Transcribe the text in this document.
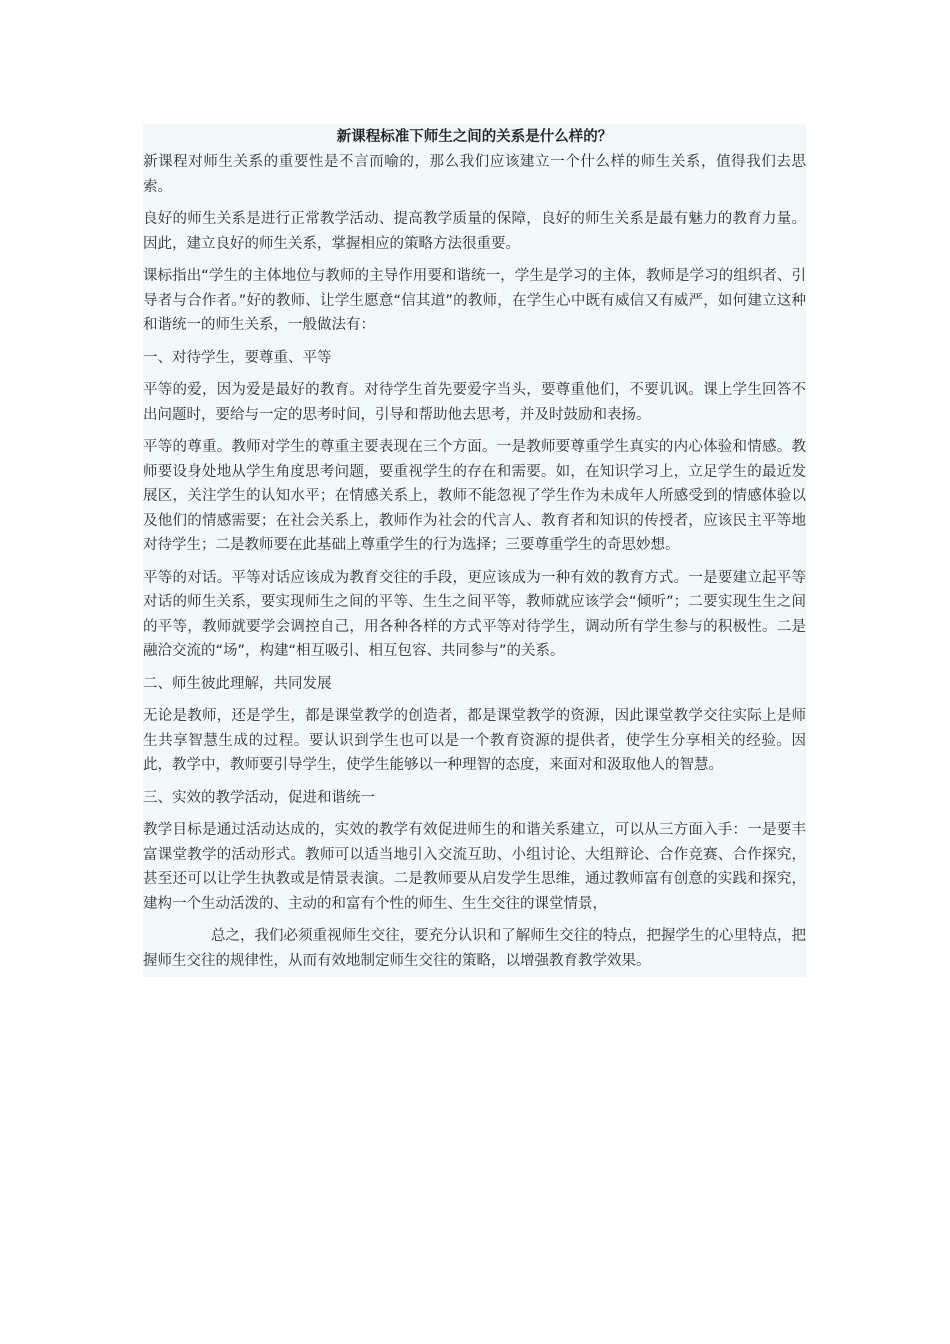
新课程标准下师生之间的关系是什么样的？

新课程对师生关系的重要性是不言而喻的，那么我们应该建立一个什么样的师生关系，值得我们去思索。

良好的师生关系是进行正常教学活动、提高教学质量的保障，良好的师生关系是最有魅力的教育力量。因此，建立良好的师生关系，掌握相应的策略方法很重要。

课标指出“学生的主体地位与教师的主导作用要和谐统一，学生是学习的主体，教师是学习的组织者、引导者与合作者。”好的教师、让学生愿意“信其道”的教师，在学生心中既有威信又有威严，如何建立这种和谐统一的师生关系，一般做法有：

一、对待学生，要尊重、平等

平等的爱，因为爱是最好的教育。对待学生首先要爱字当头，要尊重他们，不要讥讽。课上学生回答不出问题时，要给与一定的思考时间，引导和帮助他去思考，并及时鼓励和表扬。

平等的尊重。教师对学生的尊重主要表现在三个方面。一是教师要尊重学生真实的内心体验和情感。教师要设身处地从学生角度思考问题，要重视学生的存在和需要。如，在知识学习上，立足学生的最近发展区，关注学生的认知水平；在情感关系上，教师不能忽视了学生作为未成年人所感受到的情感体验以及他们的情感需要；在社会关系上，教师作为社会的代言人、教育者和知识的传授者，应该民主平等地对待学生；二是教师要在此基础上尊重学生的行为选择；三要尊重学生的奇思妙想。

平等的对话。平等对话应该成为教育交往的手段，更应该成为一种有效的教育方式。一是要建立起平等对话的师生关系，要实现师生之间的平等、生生之间平等，教师就应该学会“倾听”；二要实现生生之间的平等，教师就要学会调控自己，用各种各样的方式平等对待学生，调动所有学生参与的积极性。二是融洽交流的“场”，构建“相互吸引、相互包容、共同参与”的关系。

二、师生彼此理解，共同发展

无论是教师，还是学生，都是课堂教学的创造者，都是课堂教学的资源，因此课堂教学交往实际上是师生共享智慧生成的过程。要认识到学生也可以是一个教育资源的提供者，使学生分享相关的经验。因此，教学中，教师要引导学生，使学生能够以一种理智的态度，来面对和汲取他人的智慧。

三、实效的教学活动，促进和谐统一

教学目标是通过活动达成的，实效的教学有效促进师生的和谐关系建立，可以从三方面入手：一是要丰富课堂教学的活动形式。教师可以适当地引入交流互助、小组讨论、大组辩论、合作竞赛、合作探究，甚至还可以让学生执教或是情景表演。二是教师要从启发学生思维，通过教师富有创意的实践和探究，建构一个生动活泼的、主动的和富有个性的师生、生生交往的课堂情景，

总之，我们必须重视师生交往，要充分认识和了解师生交往的特点，把握学生的心里特点，把握师生交往的规律性，从而有效地制定师生交往的策略，以增强教育教学效果。
